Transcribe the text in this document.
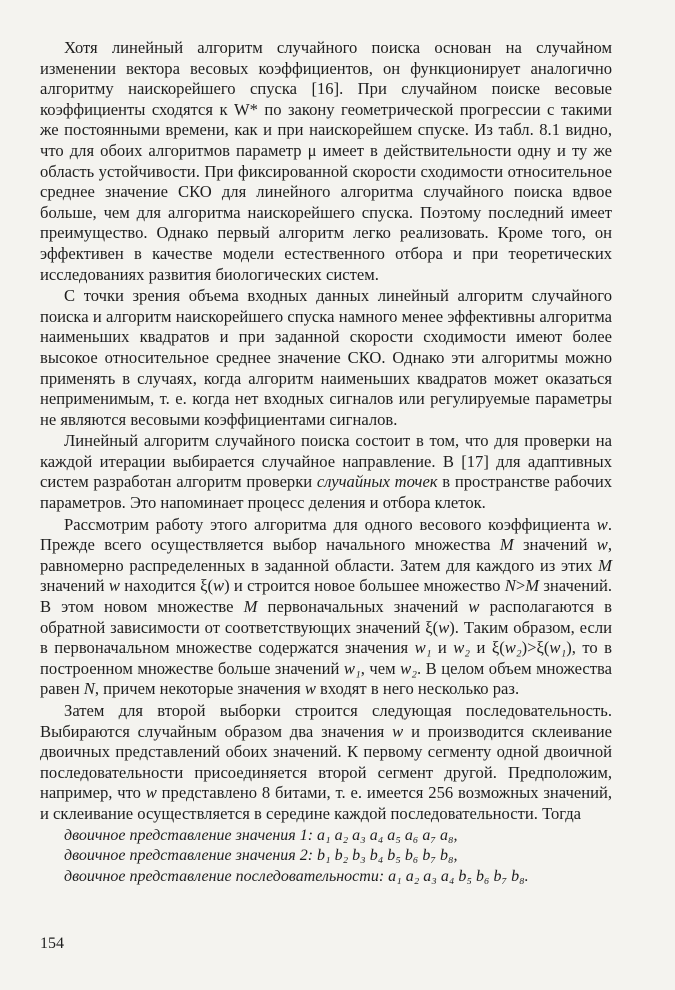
Хотя линейный алгоритм случайного поиска основан на случайном изменении вектора весовых коэффициентов, он функционирует аналогично алгоритму наискорейшего спуска [16]. При случайном поиске весовые коэффициенты сходятся к W* по закону геометрической прогрессии с такими же постоянными времени, как и при наискорейшем спуске. Из табл. 8.1 видно, что для обоих алгоритмов параметр μ имеет в действительности одну и ту же область устойчивости. При фиксированной скорости сходимости относительное среднее значение СКО для линейного алгоритма случайного поиска вдвое больше, чем для алгоритма наискорейшего спуска. Поэтому последний имеет преимущество. Однако первый алгоритм легко реализовать. Кроме того, он эффективен в качестве модели естественного отбора и при теоретических исследованиях развития биологических систем.

С точки зрения объема входных данных линейный алгоритм случайного поиска и алгоритм наискорейшего спуска намного менее эффективны алгоритма наименьших квадратов и при заданной скорости сходимости имеют более высокое относительное среднее значение СКО. Однако эти алгоритмы можно применять в случаях, когда алгоритм наименьших квадратов может оказаться неприменимым, т. е. когда нет входных сигналов или регулируемые параметры не являются весовыми коэффициентами сигналов.

Линейный алгоритм случайного поиска состоит в том, что для проверки на каждой итерации выбирается случайное направление. В [17] для адаптивных систем разработан алгоритм проверки случайных точек в пространстве рабочих параметров. Это напоминает процесс деления и отбора клеток.

Рассмотрим работу этого алгоритма для одного весового коэффициента w. Прежде всего осуществляется выбор начального множества M значений w, равномерно распределенных в заданной области. Затем для каждого из этих M значений w находится ξ(w) и строится новое большее множество N>M значений. В этом новом множестве M первоначальных значений w располагаются в обратной зависимости от соответствующих значений ξ(w). Таким образом, если в первоначальном множестве содержатся значения w₁ и w₂ и ξ(w₂)>ξ(w₁), то в построенном множестве больше значений w₁, чем w₂. В целом объем множества равен N, причем некоторые значения w входят в него несколько раз.

Затем для второй выборки строится следующая последовательность. Выбираются случайным образом два значения w и производится склеивание двоичных представлений обоих значений. К первому сегменту одной двоичной последовательности присоединяется второй сегмент другой. Предположим, например, что w представлено 8 битами, т. е. имеется 256 возможных значений, и склеивание осуществляется в середине каждой последовательности. Тогда

двоичное представление значения 1: a₁ a₂ a₃ a₄ a₅ a₆ a₇ a₈,
двоичное представление значения 2: b₁ b₂ b₃ b₄ b₅ b₆ b₇ b₈,
двоичное представление последовательности: a₁ a₂ a₃ a₄ b₅ b₆ b₇ b₈.
154
